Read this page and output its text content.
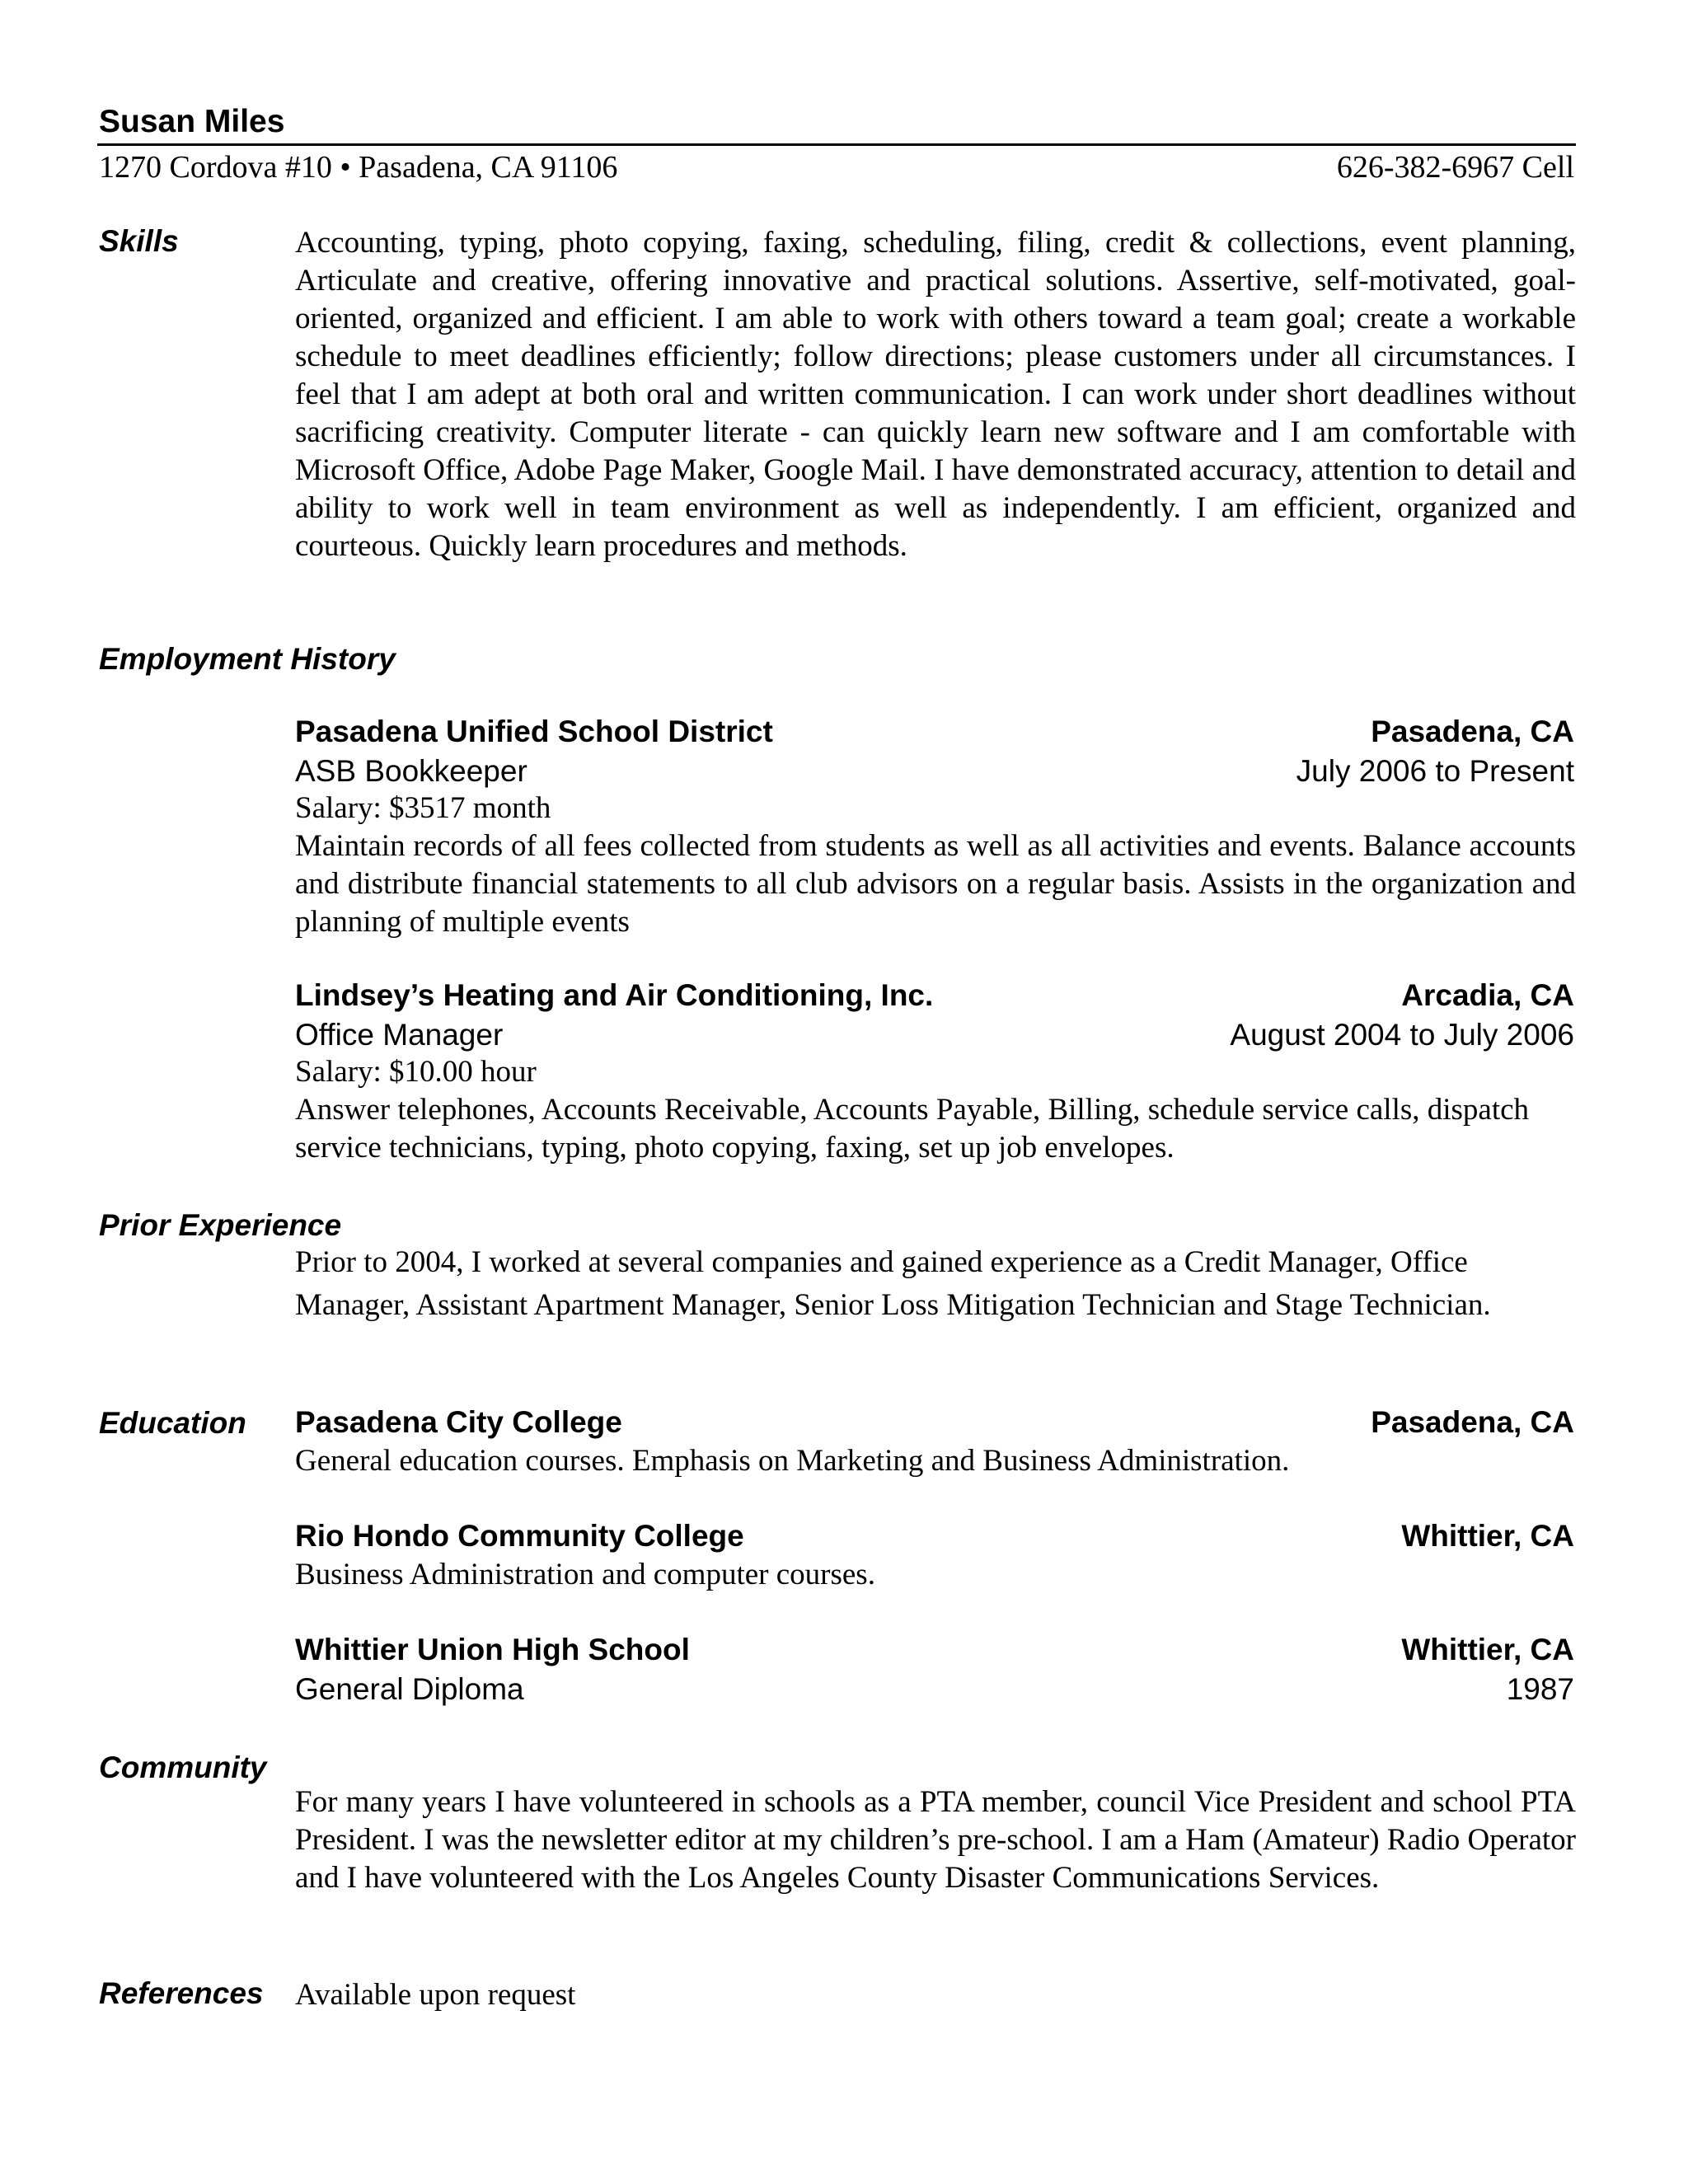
Susan Miles
1270 Cordova #10 • Pasadena, CA 91106	626-382-6967 Cell
Skills	Accounting, typing, photo copying, faxing, scheduling, filing, credit & collections, event planning, Articulate and creative, offering innovative and practical solutions. Assertive, self-motivated, goal-oriented, organized and efficient. I am able to work with others toward a team goal; create a workable schedule to meet deadlines efficiently; follow directions; please customers under all circumstances. I feel that I am adept at both oral and written communication. I can work under short deadlines without sacrificing creativity. Computer literate - can quickly learn new software and I am comfortable with Microsoft Office, Adobe Page Maker, Google Mail. I have demonstrated accuracy, attention to detail and ability to work well in team environment as well as independently. I am efficient, organized and courteous. Quickly learn procedures and methods.
Employment History
Pasadena Unified School District	Pasadena, CA
ASB Bookkeeper	July 2006 to Present
Salary: $3517 month
Maintain records of all fees collected from students as well as all activities and events. Balance accounts and distribute financial statements to all club advisors on a regular basis. Assists in the organization and planning of multiple events
Lindsey’s Heating and Air Conditioning, Inc.	Arcadia, CA
Office Manager	August 2004 to July 2006
Salary: $10.00 hour
Answer telephones, Accounts Receivable, Accounts Payable, Billing, schedule service calls, dispatch service technicians, typing, photo copying, faxing, set up job envelopes.
Prior Experience
Prior to 2004, I worked at several companies and gained experience as a Credit Manager, Office Manager, Assistant Apartment Manager, Senior Loss Mitigation Technician and Stage Technician.
Education Pasadena City College	Pasadena, CA
General education courses. Emphasis on Marketing and Business Administration.
Rio Hondo Community College	Whittier, CA
Business Administration and computer courses.
Whittier Union High School	Whittier, CA
General Diploma	1987
Community
For many years I have volunteered in schools as a PTA member, council Vice President and school PTA President. I was the newsletter editor at my children’s pre-school. I am a Ham (Amateur) Radio Operator and I have volunteered with the Los Angeles County Disaster Communications Services.
References Available upon request
